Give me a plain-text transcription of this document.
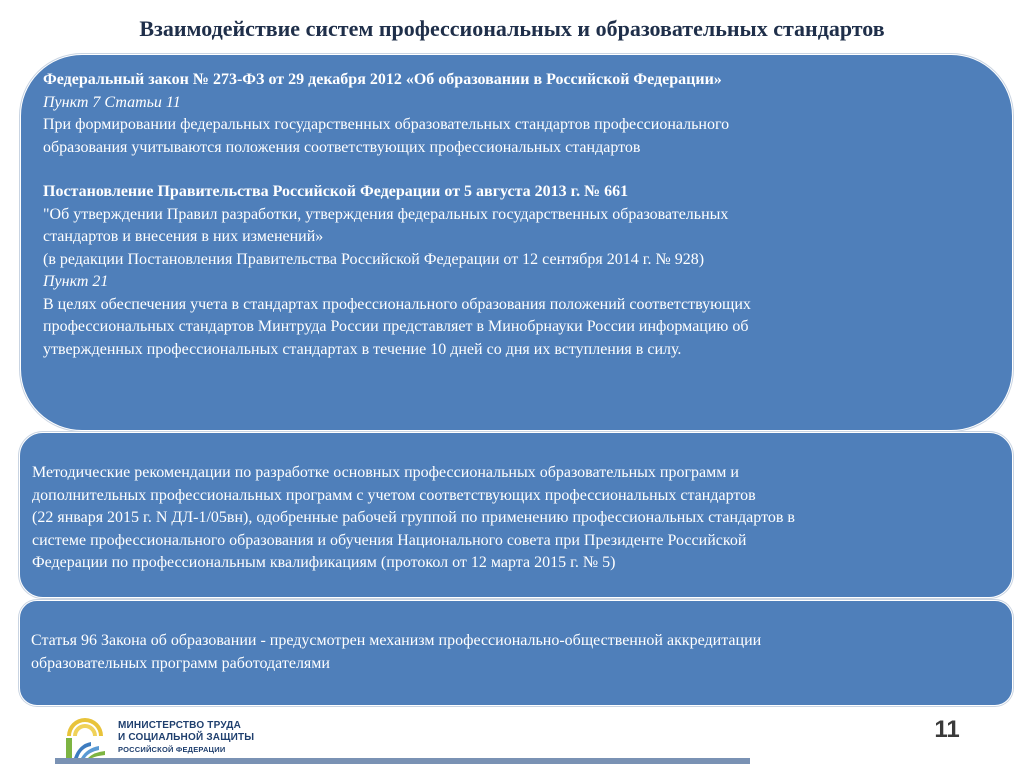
Взаимодействие систем профессиональных и образовательных стандартов

Федеральный закон № 273-ФЗ от 29 декабря 2012 «Об образовании в Российской Федерации»

Пункт 7 Статьи 11

При формировании федеральных государственных образовательных стандартов профессионального

образования учитываются положения соответствующих профессиональных стандартов

Постановление Правительства Российской Федерации от 5 августа 2013 г. № 661

"Об утверждении Правил разработки, утверждения федеральных государственных образовательных

стандартов и внесения в них изменений»

(в редакции Постановления Правительства Российской Федерации от 12 сентября 2014 г. № 928)

Пункт 21

В целях обеспечения учета в стандартах профессионального образования положений соответствующих

профессиональных стандартов Минтруда России представляет в Минобрнауки России информацию об

утвержденных профессиональных стандартах в течение 10 дней со дня их вступления в силу.

Методические рекомендации по разработке основных профессиональных образовательных программ и

дополнительных профессиональных программ с учетом соответствующих профессиональных стандартов

(22 января 2015 г. N ДЛ-1/05вн), одобренные рабочей группой по применению профессиональных стандартов в

системе профессионального образования и обучения Национального совета при Президенте Российской

Федерации по профессиональным квалификациям (протокол от 12 марта 2015 г. № 5)

Статья 96 Закона об образовании - предусмотрен механизм профессионально-общественной аккредитации

образовательных программ работодателями

МИНИСТЕРСТВО ТРУДА
И СОЦИАЛЬНОЙ ЗАЩИТЫ
РОССИЙСКОЙ ФЕДЕРАЦИИ
11
